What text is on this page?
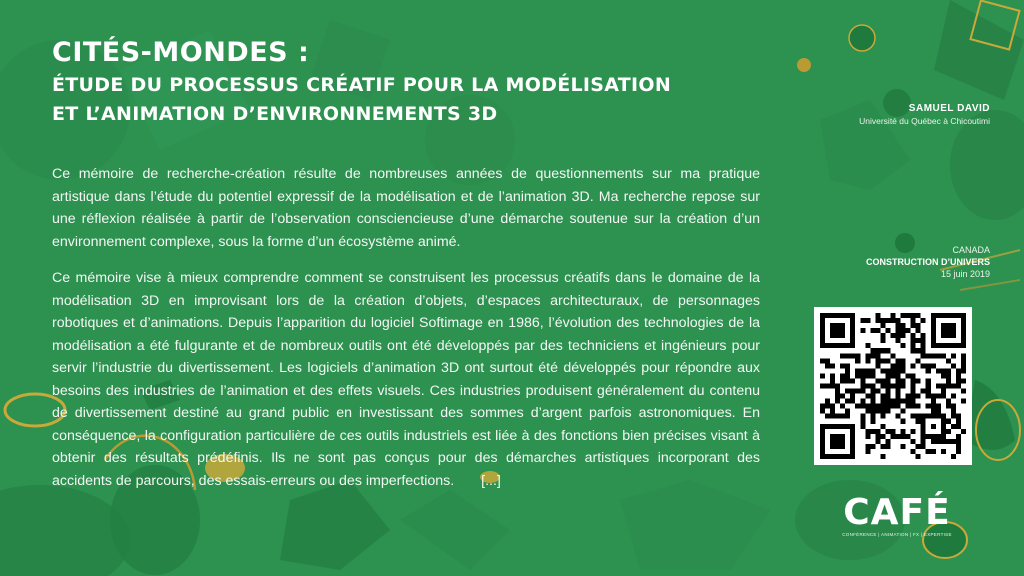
CITÉS-MONDES :
ÉTUDE DU PROCESSUS CRÉATIF POUR LA MODÉLISATION
ET L’ANIMATION D’ENVIRONNEMENTS 3D

Ce mémoire de recherche-création résulte de nombreuses années de questionnements sur ma pratique artistique dans l’étude du potentiel expressif de la modélisation et de l’animation 3D. Ma recherche repose sur une réflexion réalisée à partir de l’observation consciencieuse d’une démarche soutenue sur la création d’un environnement complexe, sous la forme d’un écosystème animé.

Ce mémoire vise à mieux comprendre comment se construisent les processus créatifs dans le domaine de la modélisation 3D en improvisant lors de la création d’objets, d’espaces architecturaux, de personnages robotiques et d’animations. Depuis l’apparition du logiciel Softimage en 1986, l’évolution des technologies de la modélisation a été fulgurante et de nombreux outils ont été développés par des techniciens et ingénieurs pour servir l’industrie du divertissement. Les logiciels d’animation 3D ont surtout été développés pour répondre aux besoins des industries de l’animation et des effets visuels. Ces industries produisent généralement du contenu de divertissement destiné au grand public en investissant des sommes d’argent parfois astronomiques. En conséquence, la configuration particulière de ces outils industriels est liée à des fonctions bien précises visant à obtenir des résultats prédéfinis. Ils ne sont pas conçus pour des démarches artistiques incorporant des accidents de parcours, des essais-erreurs ou des imperfections.	[...]
SAMUEL DAVID
Université du Québec à Chicoutimi
CANADA
CONSTRUCTION D’UNIVERS
15 juin 2019
CAFÉ
CONFÉRENCE | ANIMATION | FX | EXPERTISE
